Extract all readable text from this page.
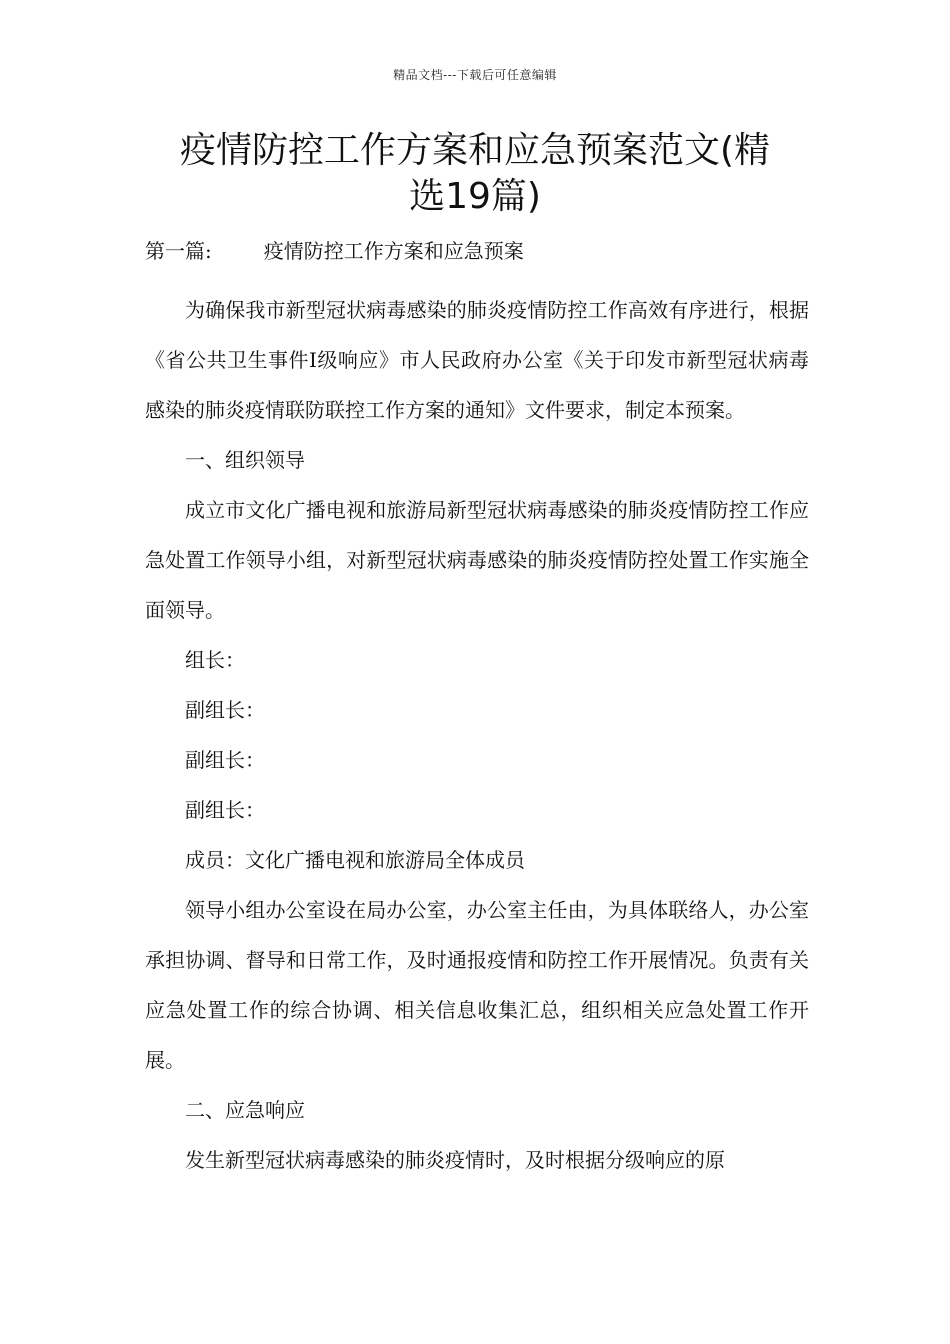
精品文档---下载后可任意编辑
疫情防控工作方案和应急预案范文(精
选19篇)
第一篇:	疫情防控工作方案和应急预案

为确保我市新型冠状病毒感染的肺炎疫情防控工作高效有序进行，根据《省公共卫生事件Ⅰ级响应》市人民政府办公室《关于印发市新型冠状病毒感染的肺炎疫情联防联控工作方案的通知》文件要求，制定本预案。

一、组织领导

成立市文化广播电视和旅游局新型冠状病毒感染的肺炎疫情防控工作应急处置工作领导小组，对新型冠状病毒感染的肺炎疫情防控处置工作实施全面领导。

组长：

副组长：

副组长：

副组长：

成员：文化广播电视和旅游局全体成员

领导小组办公室设在局办公室，办公室主任由，为具体联络人，办公室承担协调、督导和日常工作，及时通报疫情和防控工作开展情况。负责有关应急处置工作的综合协调、相关信息收集汇总，组织相关应急处置工作开展。

二、应急响应

发生新型冠状病毒感染的肺炎疫情时，及时根据分级响应的原
